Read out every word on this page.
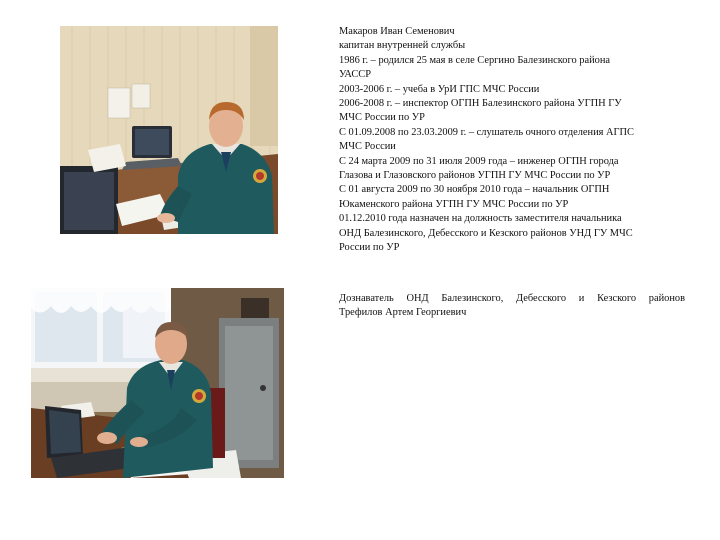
Макаров Иван Семенович
капитан внутренней службы
1986 г. – родился 25 мая в селе Сергино Балезинского района
УАССР
2003-2006 г. – учеба в УрИ ГПС МЧС России
2006-2008 г. – инспектор ОГПН Балезинского района УГПН ГУ
МЧС России по УР
С 01.09.2008 по 23.03.2009 г. – слушатель очного отделения АГПС
МЧС России
С 24 марта 2009 по 31 июля 2009 года – инженер ОГПН города
Глазова и Глазовского районов УГПН ГУ МЧС России по УР
С 01 августа 2009 по 30 ноября 2010 года – начальник ОГПН
Юкаменского района УГПН ГУ МЧС России по УР
01.12.2010 года назначен на должность заместителя начальника
ОНД Балезинского, Дебесского и Кезского районов УНД ГУ МЧС
России по УР
Дознаватель ОНД Балезинского, Дебесского и Кезского районов
Трефилов Артем Георгиевич
